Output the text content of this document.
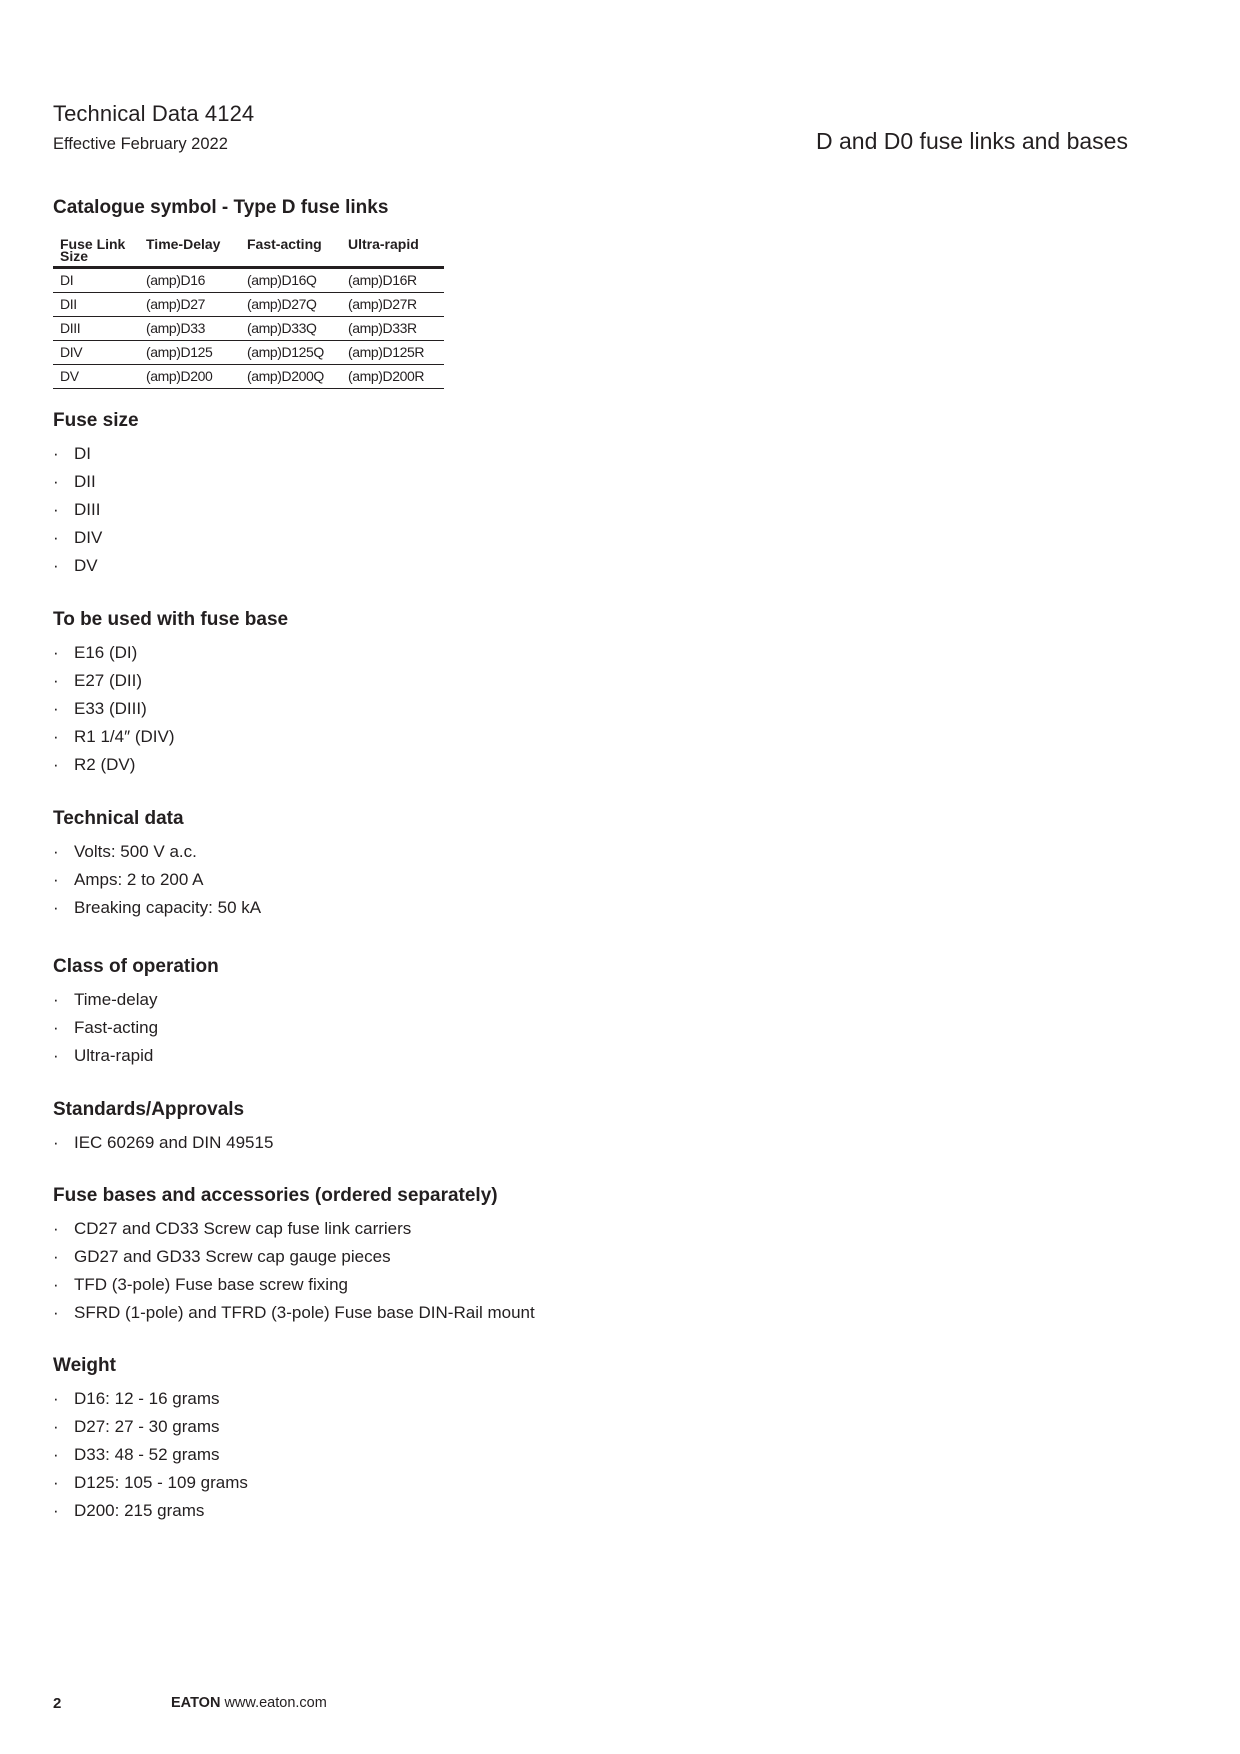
Technical Data 4124
Effective February 2022	D and D0 fuse links and bases
Catalogue symbol - Type D fuse links
Fuse Link Size	Time-Delay	Fast-acting	Ultra-rapid
DI	(amp)D16	(amp)D16Q	(amp)D16R
DII	(amp)D27	(amp)D27Q	(amp)D27R
DIII	(amp)D33	(amp)D33Q	(amp)D33R
DIV	(amp)D125	(amp)D125Q	(amp)D125R
DV	(amp)D200	(amp)D200Q	(amp)D200R
Fuse size
· DI
· DII
· DIII
· DIV
· DV
To be used with fuse base
· E16 (DI)
· E27 (DII)
· E33 (DIII)
· R1 1/4″ (DIV)
· R2 (DV)
Technical data
· Volts: 500 V a.c.
· Amps: 2 to 200 A
· Breaking capacity: 50 kA
Class of operation
· Time-delay
· Fast-acting
· Ultra-rapid
Standards/Approvals
· IEC 60269 and DIN 49515
Fuse bases and accessories (ordered separately)
· CD27 and CD33 Screw cap fuse link carriers
· GD27 and GD33 Screw cap gauge pieces
· TFD (3-pole) Fuse base screw fixing
· SFRD (1-pole) and TFRD (3-pole) Fuse base DIN-Rail mount
Weight
· D16: 12 - 16 grams
· D27: 27 - 30 grams
· D33: 48 - 52 grams
· D125: 105 - 109 grams
· D200: 215 grams
2	EATON www.eaton.com
